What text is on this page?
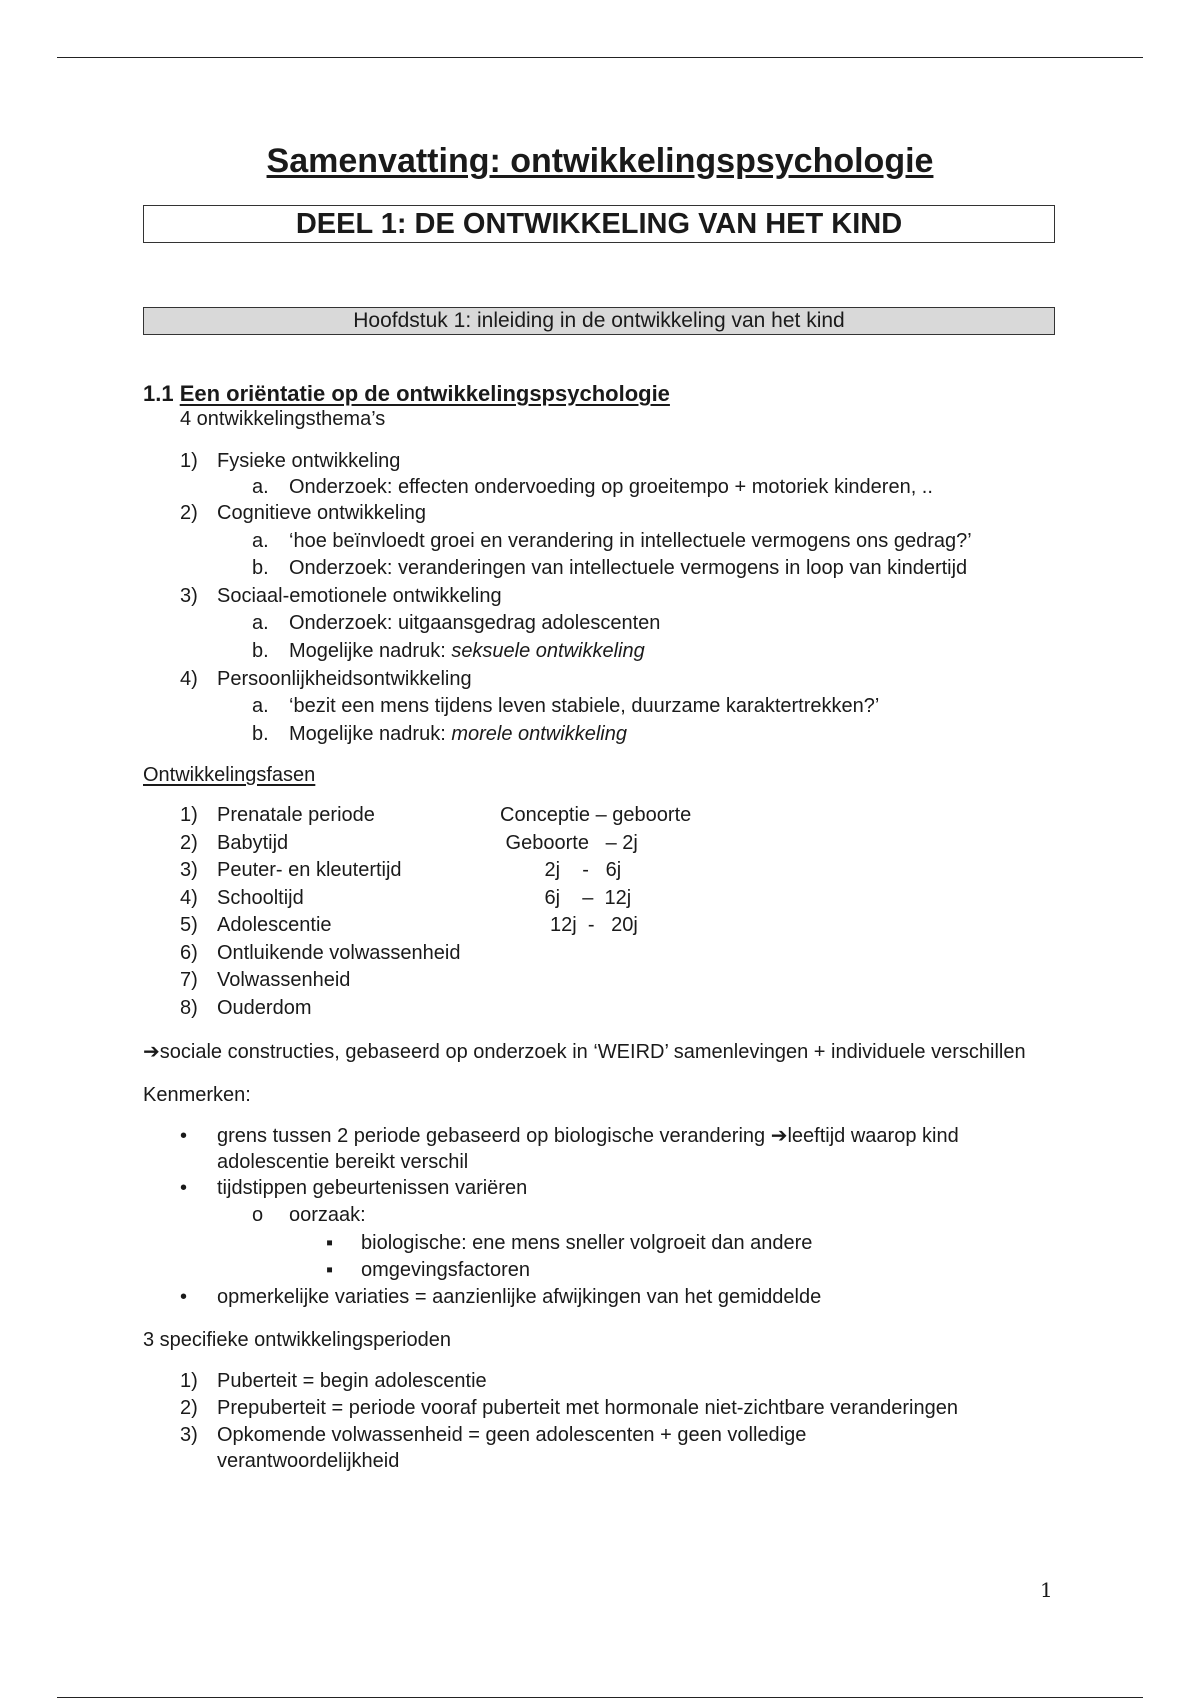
Samenvatting: ontwikkelingspsychologie
DEEL 1: DE ONTWIKKELING VAN HET KIND
Hoofdstuk 1: inleiding in de ontwikkeling van het kind

1.1 Een oriëntatie op de ontwikkelingspsychologie

4 ontwikkelingsthema’s

1) Fysieke ontwikkeling
a. Onderzoek: effecten ondervoeding op groeitempo + motoriek kinderen, ..
2) Cognitieve ontwikkeling
a. ‘hoe beïnvloedt groei en verandering in intellectuele vermogens ons gedrag?’
b. Onderzoek: veranderingen van intellectuele vermogens in loop van kindertijd
3) Sociaal-emotionele ontwikkeling
a. Onderzoek: uitgaansgedrag adolescenten
b. Mogelijke nadruk: seksuele ontwikkeling
4) Persoonlijkheidsontwikkeling
a. ‘bezit een mens tijdens leven stabiele, duurzame karaktertrekken?’
b. Mogelijke nadruk: morele ontwikkeling

Ontwikkelingsfasen

1) Prenatale periode	Conceptie – geboorte
2) Babytijd	Geboorte   – 2j
3) Peuter- en kleutertijd	2j    -   6j
4) Schooltijd	6j    –  12j
5) Adolescentie	12j  -   20j
6) Ontluikende volwassenheid
7) Volwassenheid
8) Ouderdom

➔sociale constructies, gebaseerd op onderzoek in ‘WEIRD’ samenlevingen + individuele verschillen

Kenmerken:

• grens tussen 2 periode gebaseerd op biologische verandering ➔leeftijd waarop kind adolescentie bereikt verschil
• tijdstippen gebeurtenissen variëren
o oorzaak:
▪ biologische: ene mens sneller volgroeit dan andere
▪ omgevingsfactoren
• opmerkelijke variaties = aanzienlijke afwijkingen van het gemiddelde

3 specifieke ontwikkelingsperioden

1) Puberteit = begin adolescentie
2) Prepuberteit = periode vooraf puberteit met hormonale niet-zichtbare veranderingen
3) Opkomende volwassenheid = geen adolescenten + geen volledige verantwoordelijkheid
1
